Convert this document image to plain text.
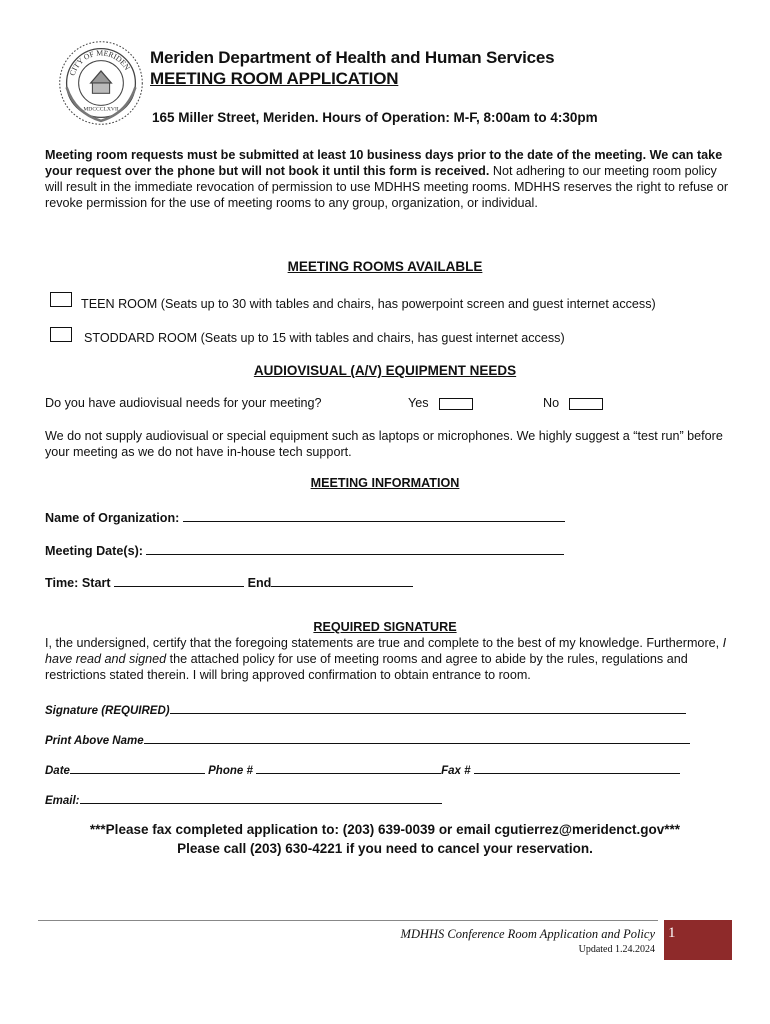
CITY OF MERIDEN
MDCCCLXVII
Meriden Department of Health and Human Services
MEETING ROOM APPLICATION
165 Miller Street, Meriden. Hours of Operation: M-F, 8:00am to 4:30pm
Meeting room requests must be submitted at least 10 business days prior to the date of the meeting. We can take your request over the phone but will not book it until this form is received. Not adhering to our meeting room policy will result in the immediate revocation of permission to use MDHHS meeting rooms. MDHHS reserves the right to refuse or revoke permission for the use of meeting rooms to any group, organization, or individual.
MEETING ROOMS AVAILABLE
TEEN ROOM (Seats up to 30 with tables and chairs, has powerpoint screen and guest internet access)
STODDARD ROOM (Seats up to 15 with tables and chairs, has guest internet access)
AUDIOVISUAL (A/V) EQUIPMENT NEEDS
Do you have audiovisual needs for your meeting?	Yes	No
We do not supply audiovisual or special equipment such as laptops or microphones. We highly suggest a “test run” before your meeting as we do not have in-house tech support.
MEETING INFORMATION
Name of Organization:
Meeting Date(s):
Time: Start	End
REQUIRED SIGNATURE
I, the undersigned, certify that the foregoing statements are true and complete to the best of my knowledge. Furthermore, I have read and signed the attached policy for use of meeting rooms and agree to abide by the rules, regulations and restrictions stated therein. I will bring approved confirmation to obtain entrance to room.
Signature (REQUIRED)
Print Above Name
Date	Phone #	Fax #
Email:
***Please fax completed application to: (203) 639-0039 or email cgutierrez@meridenct.gov***
Please call (203) 630-4221 if you need to cancel your reservation.
MDHHS Conference Room Application and Policy
Updated 1.24.2024
1
